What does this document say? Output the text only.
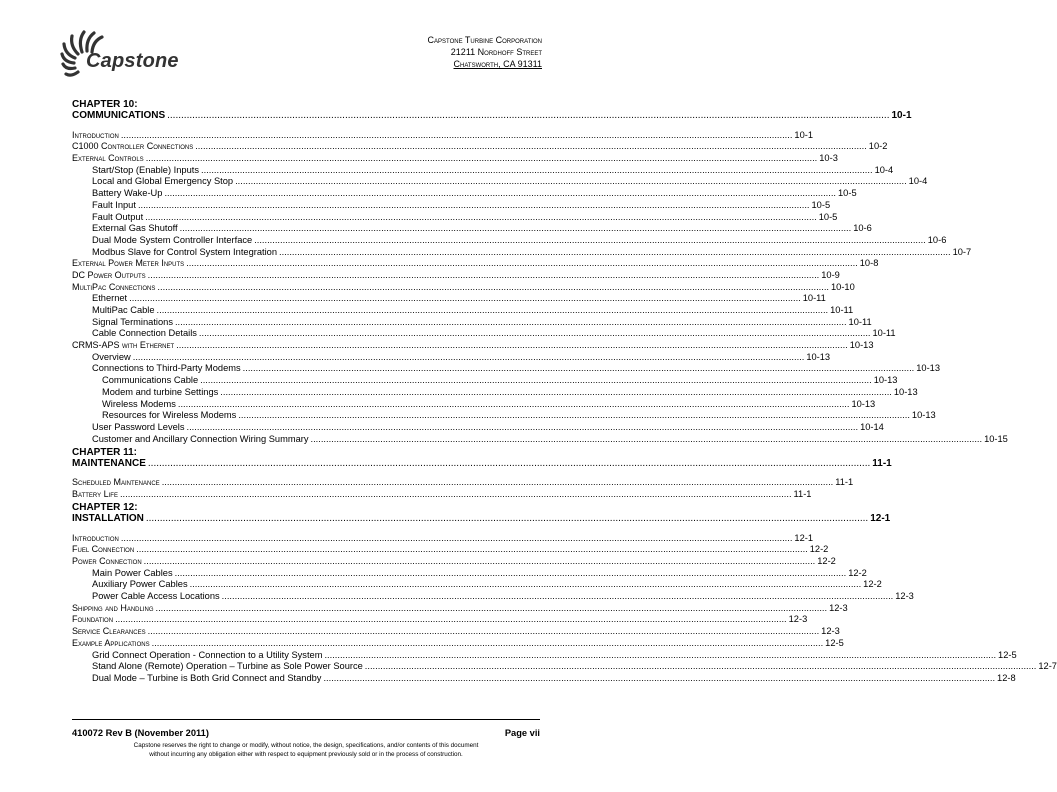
Capstone
Capstone Turbine Corporation
21211 Nordhoff Street
Chatsworth, CA 91311
CHAPTER 10: COMMUNICATIONS .................................................................................................................................................................................................................................................................... 10-1
Introduction .................................................................................................................................................................................................................................................................... 10-1
C1000 Controller Connections .................................................................................................................................................................................................................................................................... 10-2
External Controls .................................................................................................................................................................................................................................................................... 10-3
Start/Stop (Enable) Inputs .................................................................................................................................................................................................................................................................... 10-4
Local and Global Emergency Stop .................................................................................................................................................................................................................................................................... 10-4
Battery Wake-Up .................................................................................................................................................................................................................................................................... 10-5
Fault Input .................................................................................................................................................................................................................................................................... 10-5
Fault Output .................................................................................................................................................................................................................................................................... 10-5
External Gas Shutoff .................................................................................................................................................................................................................................................................... 10-6
Dual Mode System Controller Interface .................................................................................................................................................................................................................................................................... 10-6
Modbus Slave for Control System Integration .................................................................................................................................................................................................................................................................... 10-7
External Power Meter Inputs .................................................................................................................................................................................................................................................................... 10-8
DC Power Outputs .................................................................................................................................................................................................................................................................... 10-9
MultiPac Connections .................................................................................................................................................................................................................................................................... 10-10
Ethernet .................................................................................................................................................................................................................................................................... 10-11
MultiPac Cable .................................................................................................................................................................................................................................................................... 10-11
Signal Terminations .................................................................................................................................................................................................................................................................... 10-11
Cable Connection Details .................................................................................................................................................................................................................................................................... 10-11
CRMS-APS with Ethernet .................................................................................................................................................................................................................................................................... 10-13
Overview .................................................................................................................................................................................................................................................................... 10-13
Connections to Third-Party Modems .................................................................................................................................................................................................................................................................... 10-13
Communications Cable .................................................................................................................................................................................................................................................................... 10-13
Modem and turbine Settings .................................................................................................................................................................................................................................................................... 10-13
Wireless Modems .................................................................................................................................................................................................................................................................... 10-13
Resources for Wireless Modems .................................................................................................................................................................................................................................................................... 10-13
User Password Levels .................................................................................................................................................................................................................................................................... 10-14
Customer and Ancillary Connection Wiring Summary .................................................................................................................................................................................................................................................................... 10-15
CHAPTER 11: MAINTENANCE .................................................................................................................................................................................................................................................................... 11-1
Scheduled Maintenance .................................................................................................................................................................................................................................................................... 11-1
Battery Life .................................................................................................................................................................................................................................................................... 11-1
CHAPTER 12: INSTALLATION .................................................................................................................................................................................................................................................................... 12-1
Introduction .................................................................................................................................................................................................................................................................... 12-1
Fuel Connection .................................................................................................................................................................................................................................................................... 12-2
Power Connection .................................................................................................................................................................................................................................................................... 12-2
Main Power Cables .................................................................................................................................................................................................................................................................... 12-2
Auxiliary Power Cables .................................................................................................................................................................................................................................................................... 12-2
Power Cable Access Locations .................................................................................................................................................................................................................................................................... 12-3
Shipping and Handling .................................................................................................................................................................................................................................................................... 12-3
Foundation .................................................................................................................................................................................................................................................................... 12-3
Service Clearances .................................................................................................................................................................................................................................................................... 12-3
Example Applications .................................................................................................................................................................................................................................................................... 12-5
Grid Connect Operation - Connection to a Utility System .................................................................................................................................................................................................................................................................... 12-5
Stand Alone (Remote) Operation – Turbine as Sole Power Source .................................................................................................................................................................................................................................................................... 12-7
Dual Mode – Turbine is Both Grid Connect and Standby .................................................................................................................................................................................................................................................................... 12-8
410072 Rev B (November 2011)	Page vii
Capstone reserves the right to change or modify, without notice, the design, specifications, and/or contents of this document
without incurring any obligation either with respect to equipment previously sold or in the process of construction.
